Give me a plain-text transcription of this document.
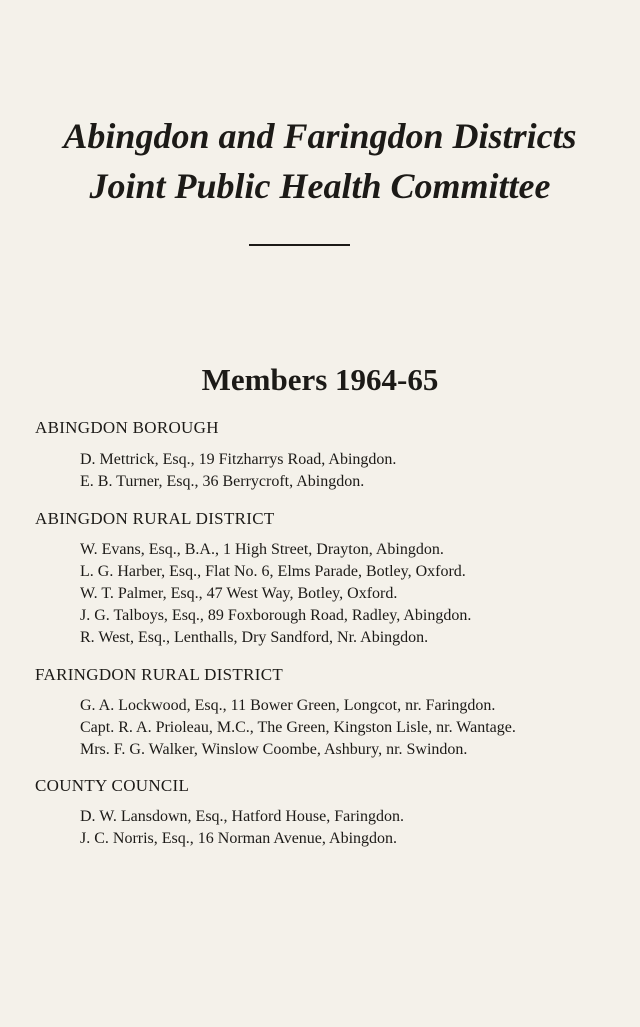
Abingdon and Faringdon Districts
Joint Public Health Committee
Members 1964-65
ABINGDON BOROUGH
D. Mettrick, Esq., 19 Fitzharrys Road, Abingdon.
E. B. Turner, Esq., 36 Berrycroft, Abingdon.
ABINGDON RURAL DISTRICT
W. Evans, Esq., B.A., 1 High Street, Drayton, Abingdon.
L. G. Harber, Esq., Flat No. 6, Elms Parade, Botley, Oxford.
W. T. Palmer, Esq., 47 West Way, Botley, Oxford.
J. G. Talboys, Esq., 89 Foxborough Road, Radley, Abingdon.
R. West, Esq., Lenthalls, Dry Sandford, Nr. Abingdon.
FARINGDON RURAL DISTRICT
G. A. Lockwood, Esq., 11 Bower Green, Longcot, nr. Faringdon.
Capt. R. A. Prioleau, M.C., The Green, Kingston Lisle, nr. Wantage.
Mrs. F. G. Walker, Winslow Coombe, Ashbury, nr. Swindon.
COUNTY COUNCIL
D. W. Lansdown, Esq., Hatford House, Faringdon.
J. C. Norris, Esq., 16 Norman Avenue, Abingdon.
